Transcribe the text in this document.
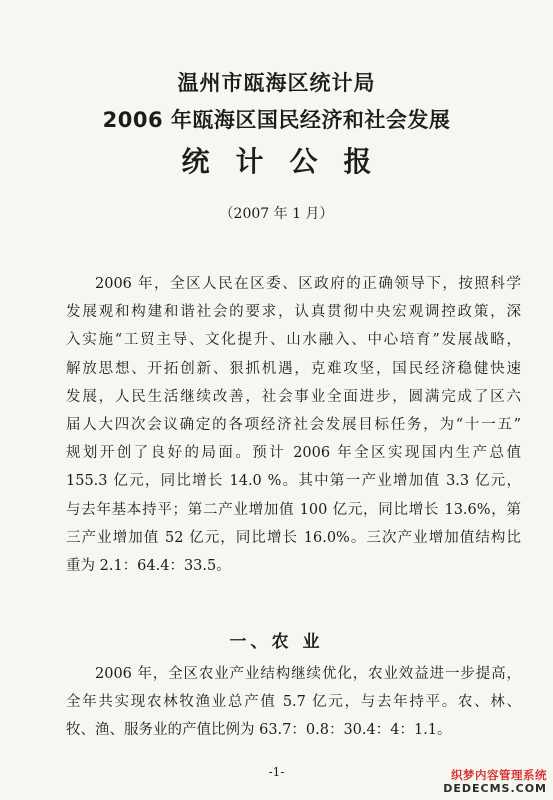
温州市瓯海区统计局
2006 年瓯海区国民经济和社会发展
统计公报
（2007 年 1 月）
2006 年，全区人民在区委、区政府的正确领导下，按照科学
发展观和构建和谐社会的要求，认真贯彻中央宏观调控政策，深
入实施“工贸主导、文化提升、山水融入、中心培育”发展战略，
解放思想、开拓创新、狠抓机遇，克难攻坚，国民经济稳健快速
发展，人民生活继续改善，社会事业全面进步，圆满完成了区六
届人大四次会议确定的各项经济社会发展目标任务，为“十一五”
规划开创了良好的局面。预计 2006 年全区实现国内生产总值
155.3 亿元，同比增长 14.0 %。其中第一产业增加值 3.3 亿元，
与去年基本持平；第二产业增加值 100 亿元，同比增长 13.6%，第
三产业增加值 52 亿元，同比增长 16.0%。三次产业增加值结构比
重为 2.1：64.4：33.5。
一、农 业
2006 年，全区农业产业结构继续优化，农业效益进一步提高，
全年共实现农林牧渔业总产值 5.7 亿元，与去年持平。农、林、
牧、渔、服务业的产值比例为 63.7：0.8：30.4：4：1.1。
-1-	织梦内容管理系统
DEDECMS.COM
